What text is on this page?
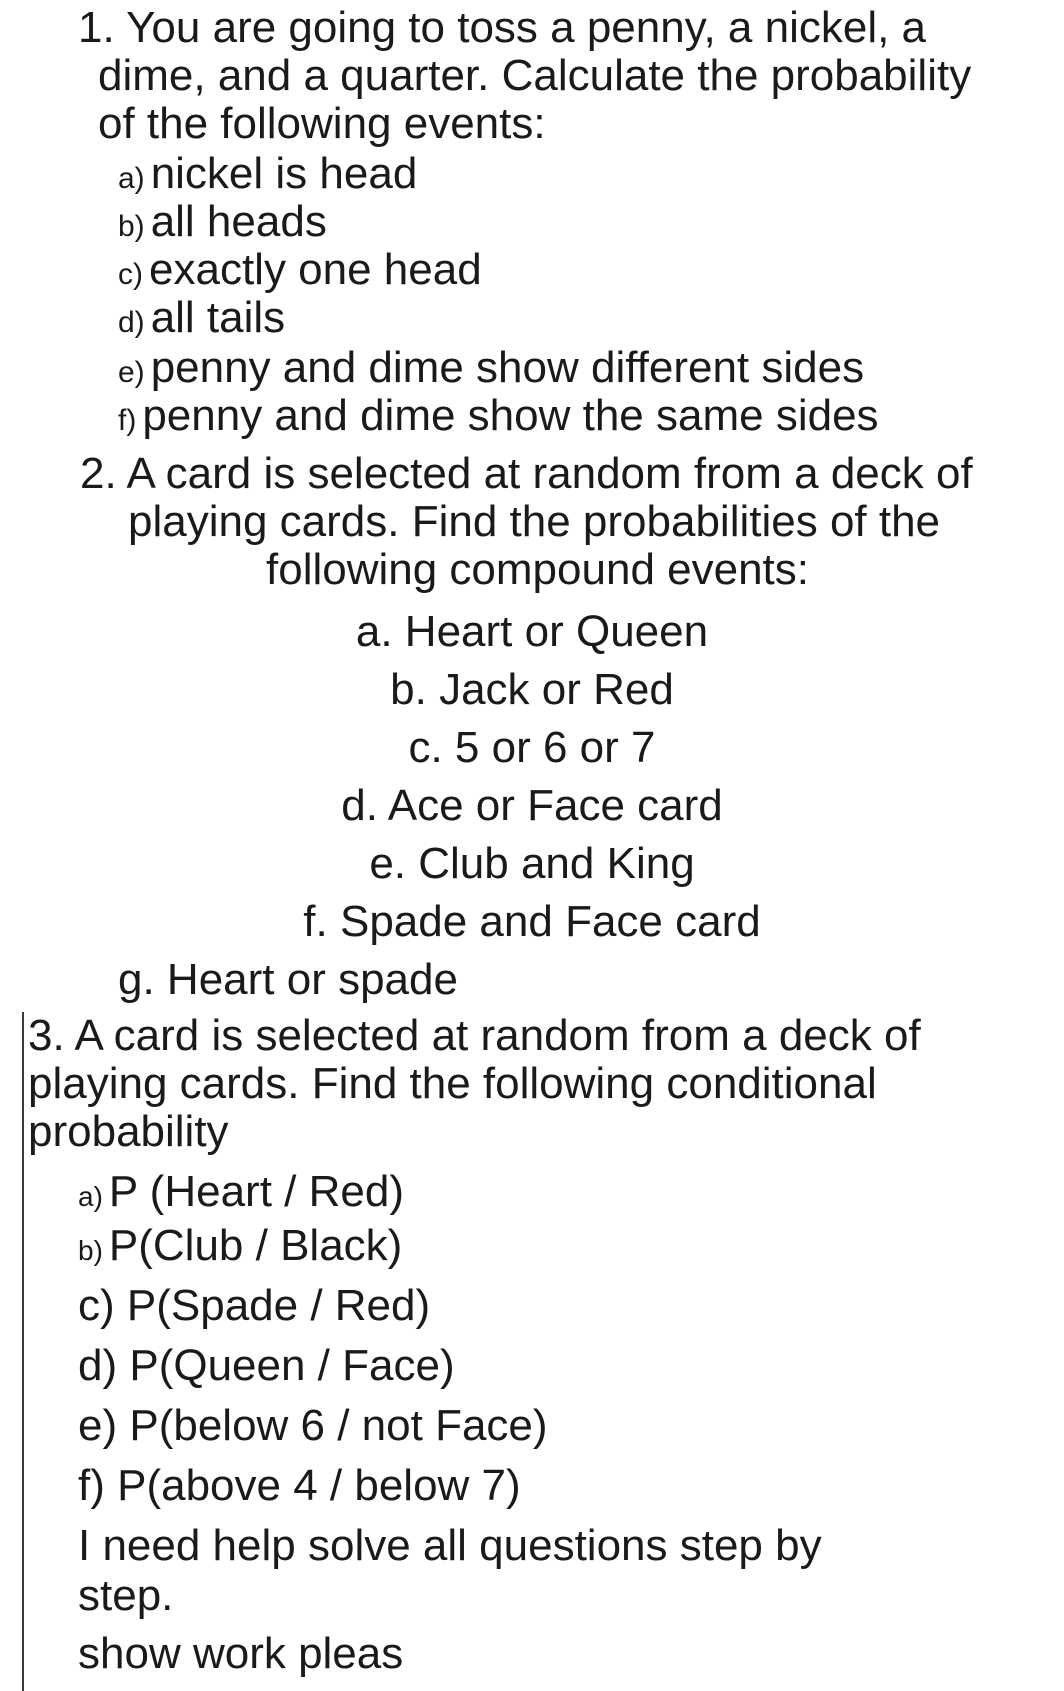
1. You are going to toss a penny, a nickel, a
dime, and a quarter. Calculate the probability
of the following events:
a) nickel is head
b) all heads
c) exactly one head
d) all tails
e) penny and dime show different sides
f) penny and dime show the same sides
2. A card is selected at random from a deck of
playing cards. Find the probabilities of the
following compound events:
a. Heart or Queen
b. Jack or Red
c. 5 or 6 or 7
d. Ace or Face card
e. Club and King
f. Spade and Face card
g. Heart or spade
3. A card is selected at random from a deck of
playing cards. Find the following conditional
probability
a) P (Heart / Red)
b) P(Club / Black)
c) P(Spade / Red)
d) P(Queen / Face)
e) P(below 6 / not Face)
f) P(above 4 / below 7)
I need help solve all questions step by
step.
show work pleas
